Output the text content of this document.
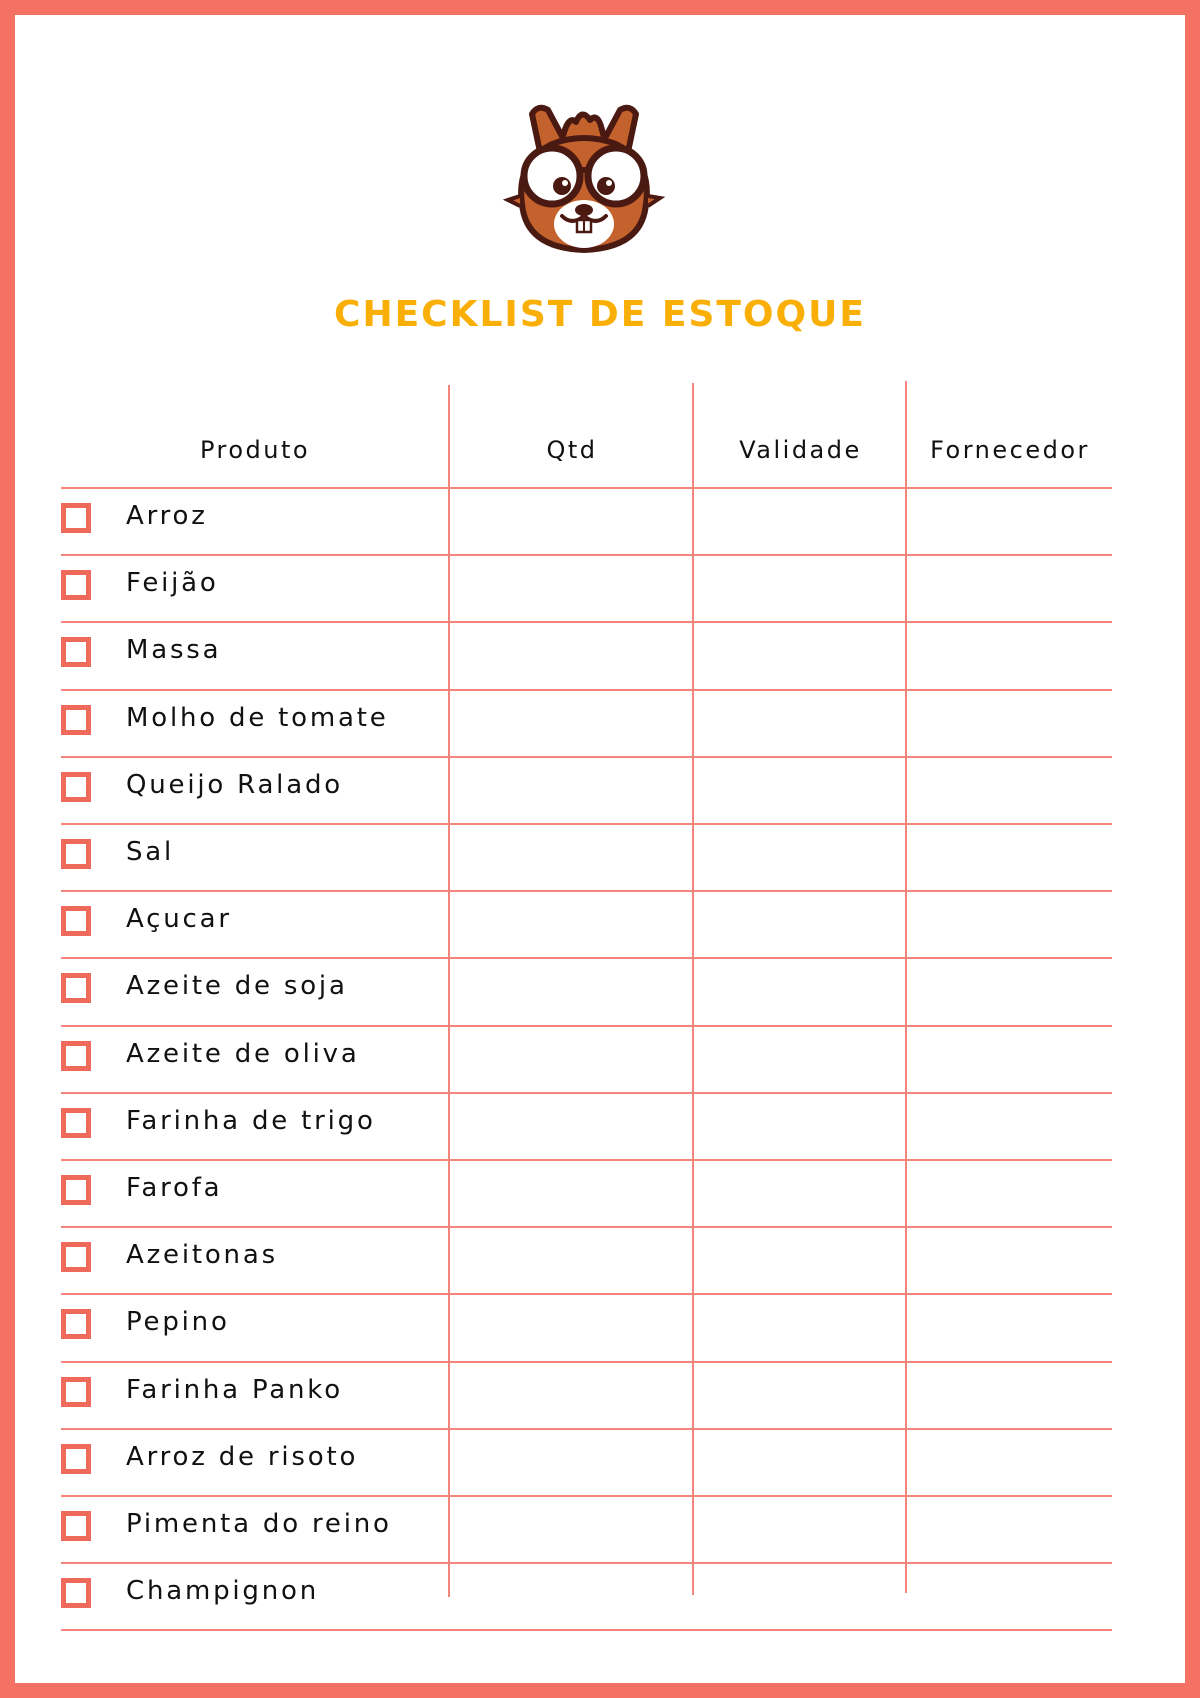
CHECKLIST DE ESTOQUE
Produto	Qtd	Validade	Fornecedor
Arroz
Feijão
Massa
Molho de tomate
Queijo Ralado
Sal
Açucar
Azeite de soja
Azeite de oliva
Farinha de trigo
Farofa
Azeitonas
Pepino
Farinha Panko
Arroz de risoto
Pimenta do reino
Champignon
